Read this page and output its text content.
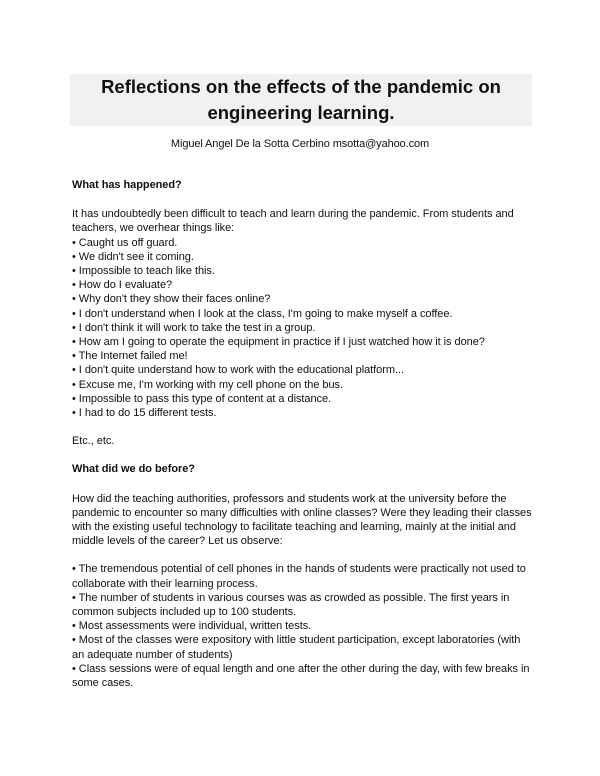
Reflections on the effects of the pandemic on
engineering learning.
Miguel Angel De la Sotta Cerbino msotta@yahoo.com

What has happened?

It has undoubtedly been difficult to teach and learn during the pandemic. From students and

teachers, we overhear things like:

• Caught us off guard.
• We didn't see it coming.
• Impossible to teach like this.
• How do I evaluate?
• Why don't they show their faces online?
• I don't understand when I look at the class, I'm going to make myself a coffee.
• I don't think it will work to take the test in a group.
• How am I going to operate the equipment in practice if I just watched how it is done?
• The Internet failed me!
• I don't quite understand how to work with the educational platform...
• Excuse me, I'm working with my cell phone on the bus.
• Impossible to pass this type of content at a distance.
• I had to do 15 different tests.

Etc., etc.

What did we do before?

How did the teaching authorities, professors and students work at the university before the

pandemic to encounter so many difficulties with online classes? Were they leading their classes

with the existing useful technology to facilitate teaching and learning, mainly at the initial and

middle levels of the career? Let us observe:

• The tremendous potential of cell phones in the hands of students were practically not used to
collaborate with their learning process.
• The number of students in various courses was as crowded as possible. The first years in
common subjects included up to 100 students.
• Most assessments were individual, written tests.
• Most of the classes were expository with little student participation, except laboratories (with
an adequate number of students)
• Class sessions were of equal length and one after the other during the day, with few breaks in
some cases.
